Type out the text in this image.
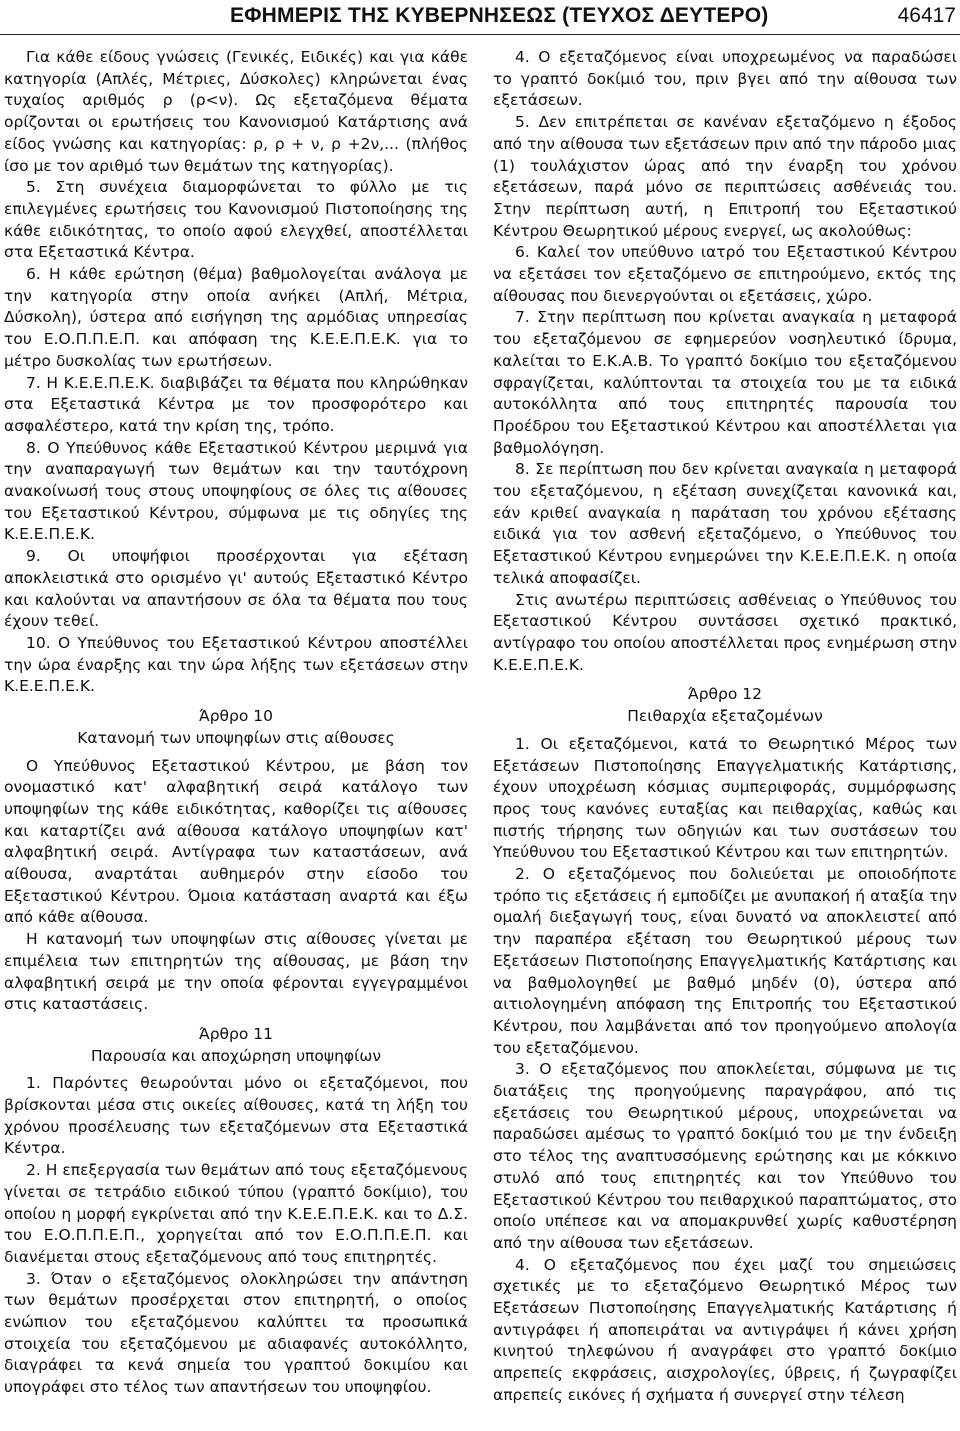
ΕΦΗΜΕΡΙΣ ΤΗΣ ΚΥΒΕΡΝΗΣΕΩΣ (ΤΕΥΧΟΣ ΔΕΥΤΕΡΟ)	46417

Για κάθε είδους γνώσεις (Γενικές, Ειδικές) και για κάθε κατηγορία (Απλές, Μέτριες, Δύσκολες) κληρώνεται ένας τυχαίος αριθμός ρ (ρ<ν). Ως εξεταζόμενα θέματα ορίζονται οι ερωτήσεις του Κανονισμού Κατάρτισης ανά είδος γνώσης και κατηγορίας: ρ, ρ + ν, ρ +2ν,... (πλήθος ίσο με τον αριθμό των θεμάτων της κατηγορίας).

5. Στη συνέχεια διαμορφώνεται το φύλλο με τις επιλεγμένες ερωτήσεις του Κανονισμού Πιστοποίησης της κάθε ειδικότητας, το οποίο αφού ελεγχθεί, αποστέλλεται στα Εξεταστικά Κέντρα.

6. Η κάθε ερώτηση (θέμα) βαθμολογείται ανάλογα με την κατηγορία στην οποία ανήκει (Απλή, Μέτρια, Δύσκολη), ύστερα από εισήγηση της αρμόδιας υπηρεσίας του Ε.Ο.Π.Π.Ε.Π. και απόφαση της Κ.Ε.Ε.Π.Ε.Κ. για το μέτρο δυσκολίας των ερωτήσεων.

7. Η Κ.Ε.Ε.Π.Ε.Κ. διαβιβάζει τα θέματα που κληρώθηκαν στα Εξεταστικά Κέντρα με τον προσφορότερο και ασφαλέστερο, κατά την κρίση της, τρόπο.

8. Ο Υπεύθυνος κάθε Εξεταστικού Κέντρου μεριμνά για την αναπαραγωγή των θεμάτων και την ταυτόχρονη ανακοίνωσή τους στους υποψηφίους σε όλες τις αίθουσες του Εξεταστικού Κέντρου, σύμφωνα με τις οδηγίες της Κ.Ε.Ε.Π.Ε.Κ.

9. Οι υποψήφιοι προσέρχονται για εξέταση αποκλειστικά στο ορισμένο γι' αυτούς Εξεταστικό Κέντρο και καλούνται να απαντήσουν σε όλα τα θέματα που τους έχουν τεθεί.

10. Ο Υπεύθυνος του Εξεταστικού Κέντρου αποστέλλει την ώρα έναρξης και την ώρα λήξης των εξετάσεων στην Κ.Ε.Ε.Π.Ε.Κ.

Άρθρο 10
Κατανομή των υποψηφίων στις αίθουσες

Ο Υπεύθυνος Εξεταστικού Κέντρου, με βάση τον ονομαστικό κατ' αλφαβητική σειρά κατάλογο των υποψηφίων της κάθε ειδικότητας, καθορίζει τις αίθουσες και καταρτίζει ανά αίθουσα κατάλογο υποψηφίων κατ' αλφαβητική σειρά. Αντίγραφα των καταστάσεων, ανά αίθουσα, αναρτάται αυθημερόν στην είσοδο του Εξεταστικού Κέντρου. Όμοια κατάσταση αναρτά και έξω από κάθε αίθουσα.

Η κατανομή των υποψηφίων στις αίθουσες γίνεται με επιμέλεια των επιτηρητών της αίθουσας, με βάση την αλφαβητική σειρά με την οποία φέρονται εγγεγραμμένοι στις καταστάσεις.

Άρθρο 11
Παρουσία και αποχώρηση υποψηφίων

1. Παρόντες θεωρούνται μόνο οι εξεταζόμενοι, που βρίσκονται μέσα στις οικείες αίθουσες, κατά τη λήξη του χρόνου προσέλευσης των εξεταζόμενων στα Εξεταστικά Κέντρα.

2. Η επεξεργασία των θεμάτων από τους εξεταζόμενους γίνεται σε τετράδιο ειδικού τύπου (γραπτό δοκίμιο), του οποίου η μορφή εγκρίνεται από την Κ.Ε.Ε.Π.Ε.Κ. και το Δ.Σ. του Ε.Ο.Π.Π.Ε.Π., χορηγείται από τον Ε.Ο.Π.Π.Ε.Π. και διανέμεται στους εξεταζόμενους από τους επιτηρητές.

3. Όταν ο εξεταζόμενος ολοκληρώσει την απάντηση των θεμάτων προσέρχεται στον επιτηρητή, ο οποίος ενώπιον του εξεταζόμενου καλύπτει τα προσωπικά στοιχεία του εξεταζόμενου με αδιαφανές αυτοκόλλητο, διαγράφει τα κενά σημεία του γραπτού δοκιμίου και υπογράφει στο τέλος των απαντήσεων του υποψηφίου.

4. Ο εξεταζόμενος είναι υποχρεωμένος να παραδώσει το γραπτό δοκίμιό του, πριν βγει από την αίθουσα των εξετάσεων.

5. Δεν επιτρέπεται σε κανέναν εξεταζόμενο η έξοδος από την αίθουσα των εξετάσεων πριν από την πάροδο μιας (1) τουλάχιστον ώρας από την έναρξη του χρόνου εξετάσεων, παρά μόνο σε περιπτώσεις ασθένειάς του. Στην περίπτωση αυτή, η Επιτροπή του Εξεταστικού Κέντρου Θεωρητικού μέρους ενεργεί, ως ακολούθως:

6. Καλεί τον υπεύθυνο ιατρό του Εξεταστικού Κέντρου να εξετάσει τον εξεταζόμενο σε επιτηρούμενο, εκτός της αίθουσας που διενεργούνται οι εξετάσεις, χώρο.

7. Στην περίπτωση που κρίνεται αναγκαία η μεταφορά του εξεταζόμενου σε εφημερεύον νοσηλευτικό ίδρυμα, καλείται το Ε.Κ.Α.Β. Το γραπτό δοκίμιο του εξεταζόμενου σφραγίζεται, καλύπτονται τα στοιχεία του με τα ειδικά αυτοκόλλητα από τους επιτηρητές παρουσία του Προέδρου του Εξεταστικού Κέντρου και αποστέλλεται για βαθμολόγηση.

8. Σε περίπτωση που δεν κρίνεται αναγκαία η μεταφορά του εξεταζόμενου, η εξέταση συνεχίζεται κανονικά και, εάν κριθεί αναγκαία η παράταση του χρόνου εξέτασης ειδικά για τον ασθενή εξεταζόμενο, ο Υπεύθυνος του Εξεταστικού Κέντρου ενημερώνει την Κ.Ε.Ε.Π.Ε.Κ. η οποία τελικά αποφασίζει.

Στις ανωτέρω περιπτώσεις ασθένειας ο Υπεύθυνος του Εξεταστικού Κέντρου συντάσσει σχετικό πρακτικό, αντίγραφο του οποίου αποστέλλεται προς ενημέρωση στην Κ.Ε.Ε.Π.Ε.Κ.

Άρθρο 12
Πειθαρχία εξεταζομένων

1. Οι εξεταζόμενοι, κατά το Θεωρητικό Μέρος των Εξετάσεων Πιστοποίησης Επαγγελματικής Κατάρτισης, έχουν υποχρέωση κόσμιας συμπεριφοράς, συμμόρφωσης προς τους κανόνες ευταξίας και πειθαρχίας, καθώς και πιστής τήρησης των οδηγιών και των συστάσεων του Υπεύθυνου του Εξεταστικού Κέντρου και των επιτηρητών.

2. Ο εξεταζόμενος που δολιεύεται με οποιοδήποτε τρόπο τις εξετάσεις ή εμποδίζει με ανυπακοή ή αταξία την ομαλή διεξαγωγή τους, είναι δυνατό να αποκλειστεί από την παραπέρα εξέταση του Θεωρητικού μέρους των Εξετάσεων Πιστοποίησης Επαγγελματικής Κατάρτισης και να βαθμολογηθεί με βαθμό μηδέν (0), ύστερα από αιτιολογημένη απόφαση της Επιτροπής του Εξεταστικού Κέντρου, που λαμβάνεται από τον προηγούμενο απολογία του εξεταζόμενου.

3. Ο εξεταζόμενος που αποκλείεται, σύμφωνα με τις διατάξεις της προηγούμενης παραγράφου, από τις εξετάσεις του Θεωρητικού μέρους, υποχρεώνεται να παραδώσει αμέσως το γραπτό δοκίμιό του με την ένδειξη στο τέλος της αναπτυσσόμενης ερώτησης και με κόκκινο στυλό από τους επιτηρητές και τον Υπεύθυνο του Εξεταστικού Κέντρου του πειθαρχικού παραπτώματος, στο οποίο υπέπεσε και να απομακρυνθεί χωρίς καθυστέρηση από την αίθουσα των εξετάσεων.

4. Ο εξεταζόμενος που έχει μαζί του σημειώσεις σχετικές με το εξεταζόμενο Θεωρητικό Μέρος των Εξετάσεων Πιστοποίησης Επαγγελματικής Κατάρτισης ή αντιγράφει ή αποπειράται να αντιγράψει ή κάνει χρήση κινητού τηλεφώνου ή αναγράφει στο γραπτό δοκίμιο απρεπείς εκφράσεις, αισχρολογίες, ύβρεις, ή ζωγραφίζει απρεπείς εικόνες ή σχήματα ή συνεργεί στην τέλεση
